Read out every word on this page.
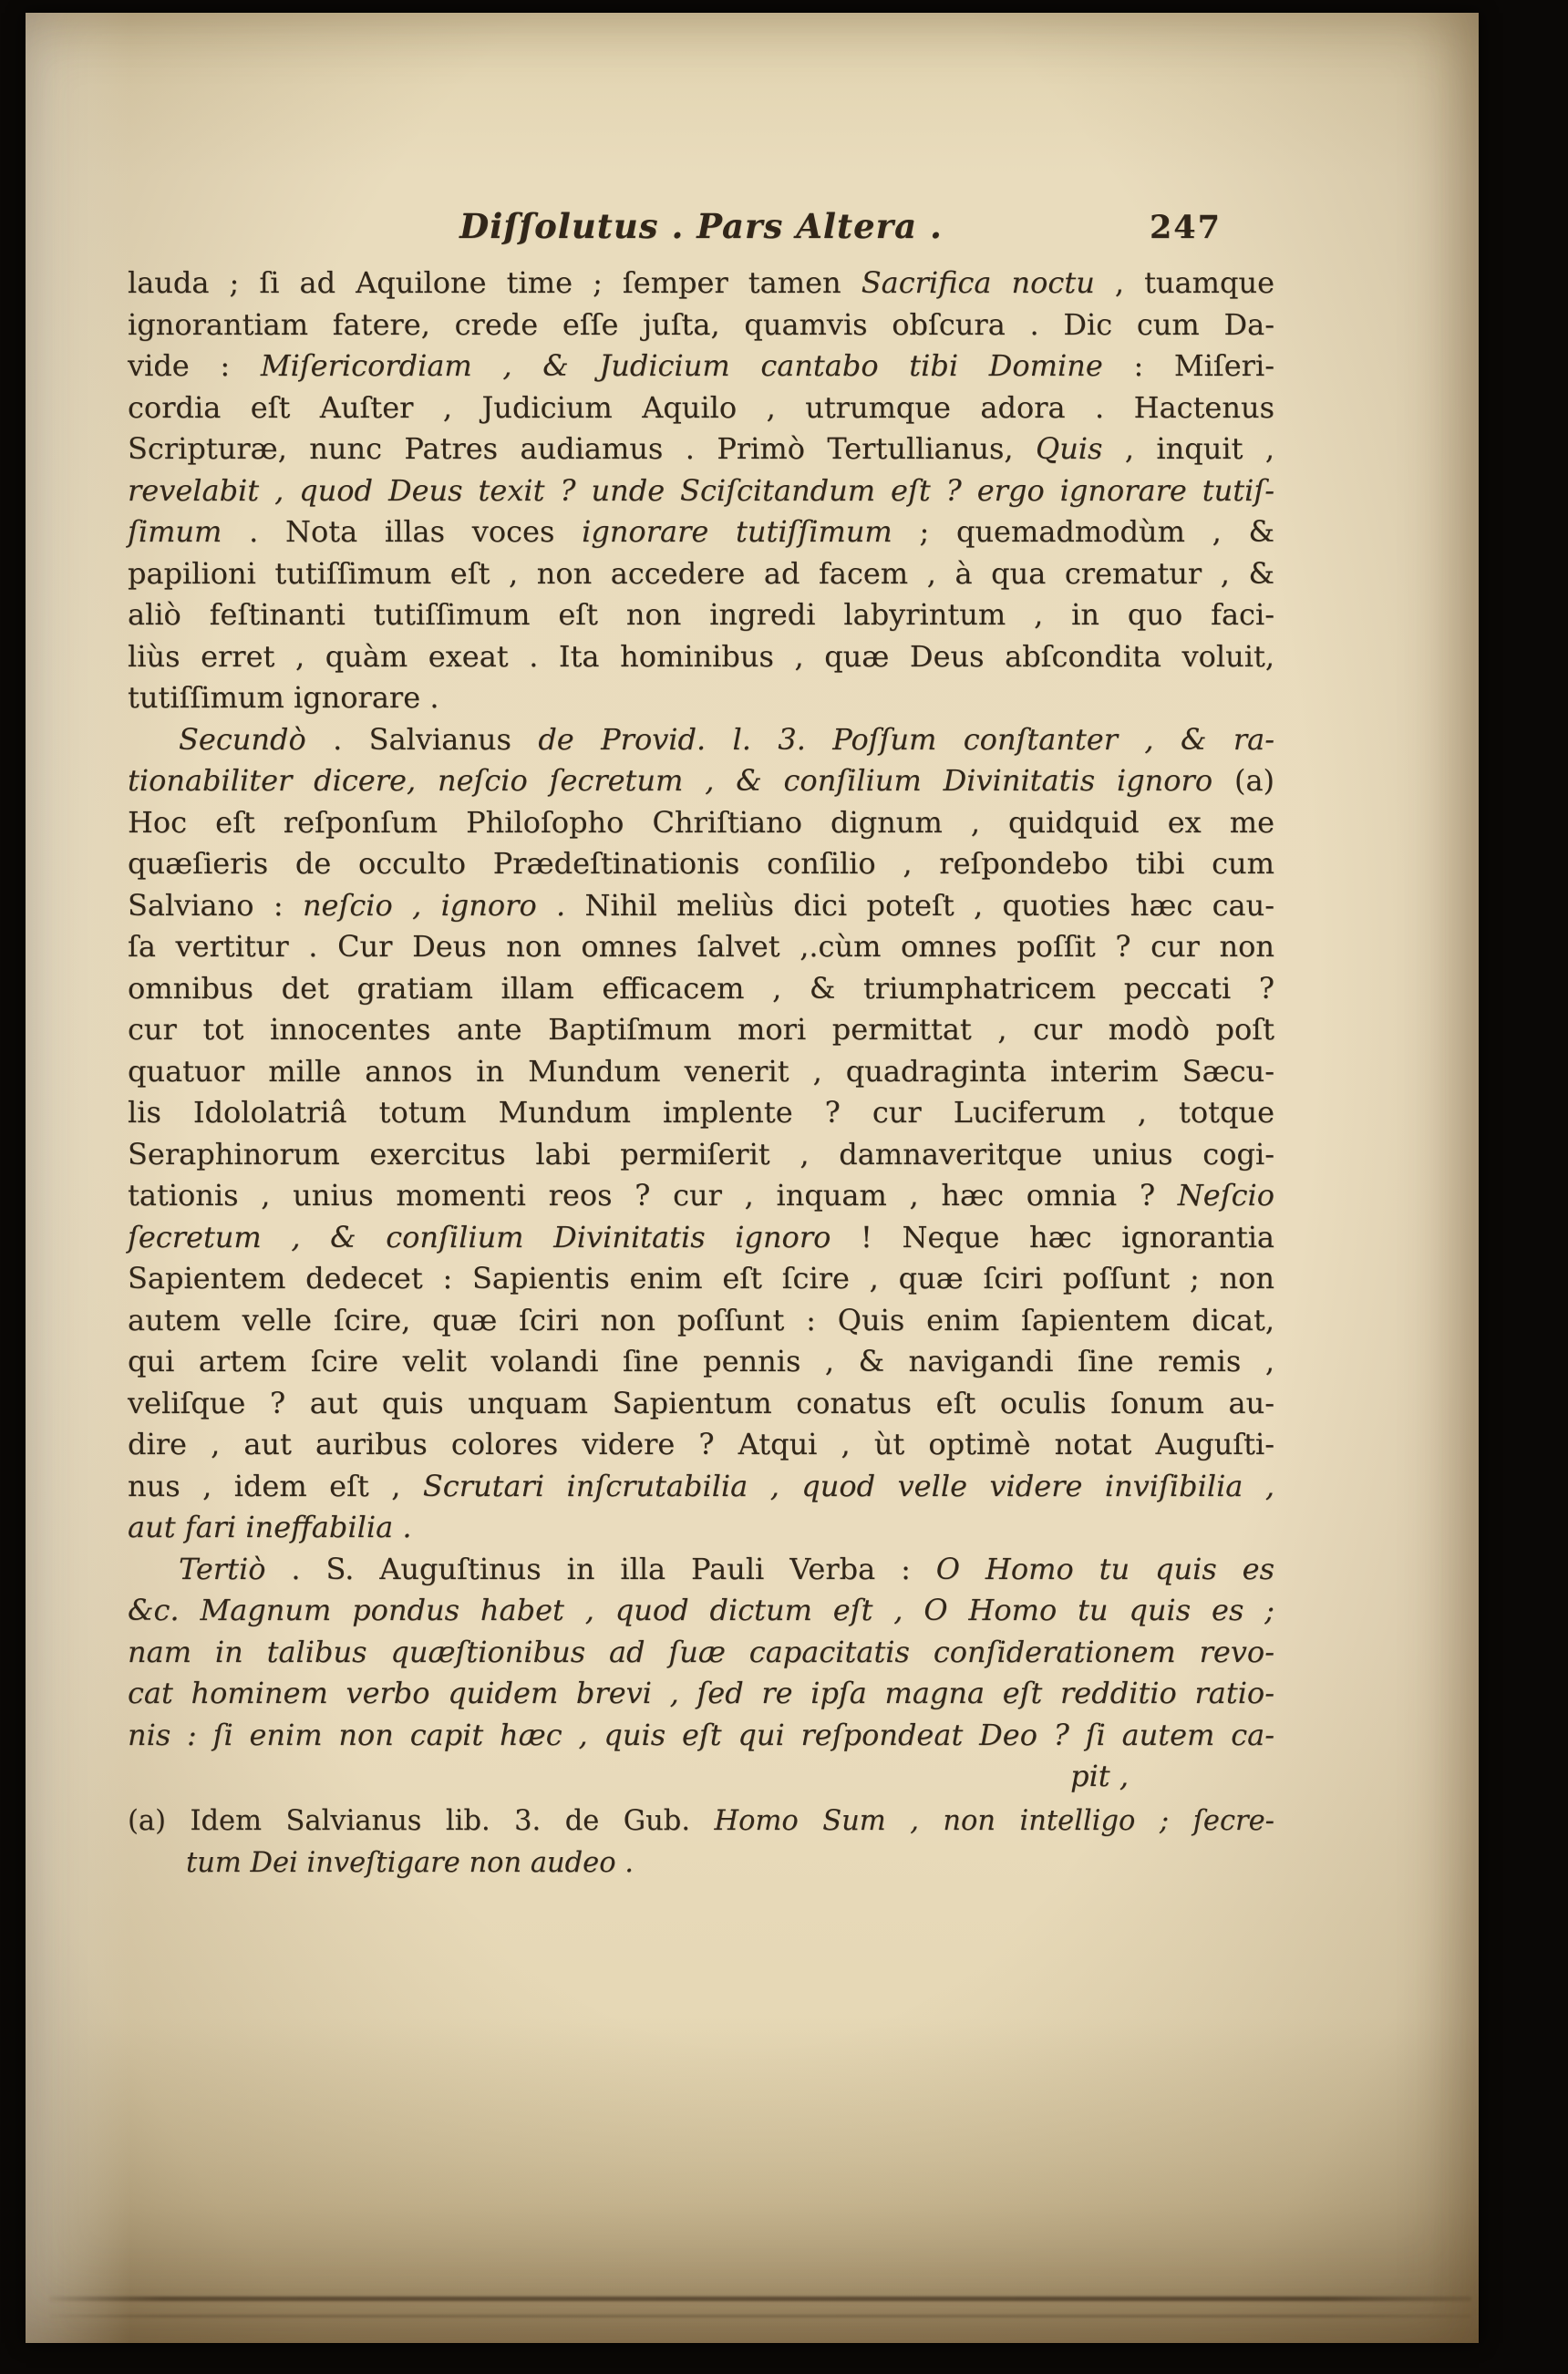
Diſſolutus . Pars Altera .	247
lauda ; ſi ad Aquilone time ; ſemper tamen Sacrifica noctu , tuamque
ignorantiam fatere, crede eſſe juſta, quamvis obſcura . Dic cum Da-
vide : Miſericordiam , & Judicium cantabo tibi Domine : Miſeri-
cordia eſt Auſter , Judicium Aquilo , utrumque adora . Hactenus
Scripturæ, nunc Patres audiamus . Primò Tertullianus, Quis , inquit ,
revelabit , quod Deus texit ? unde Sciſcitandum eſt ? ergo ignorare tutiſ-
ſimum . Nota illas voces ignorare tutiſſimum ; quemadmodùm , &
papilioni tutiſſimum eſt , non accedere ad facem , à qua crematur , &
aliò feſtinanti tutiſſimum eſt non ingredi labyrintum , in quo faci-
liùs erret , quàm exeat . Ita hominibus , quæ Deus abſcondita voluit,
tutiſſimum ignorare .
Secundò . Salvianus de Provid. l. 3. Poſſum conſtanter , & ra-
tionabiliter dicere, neſcio ſecretum , & conſilium Divinitatis ignoro (a)
Hoc eſt reſponſum Philoſopho Chriſtiano dignum , quidquid ex me
quæſieris de occulto Prædeſtinationis conſilio , reſpondebo tibi cum
Salviano : neſcio , ignoro . Nihil meliùs dici poteſt , quoties hæc cau-
ſa vertitur . Cur Deus non omnes ſalvet ,.cùm omnes poſſit ? cur non
omnibus det gratiam illam efficacem , & triumphatricem peccati ?
cur tot innocentes ante Baptiſmum mori permittat , cur modò poſt
quatuor mille annos in Mundum venerit , quadraginta interim Sæcu-
lis Idololatriâ totum Mundum implente ? cur Luciferum , totque
Seraphinorum exercitus labi permiſerit , damnaveritque unius cogi-
tationis , unius momenti reos ? cur , inquam , hæc omnia ? Neſcio
ſecretum , & conſilium Divinitatis ignoro ! Neque hæc ignorantia
Sapientem dedecet : Sapientis enim eſt ſcire , quæ ſciri poſſunt ; non
autem velle ſcire, quæ ſciri non poſſunt : Quis enim ſapientem dicat,
qui artem ſcire velit volandi ſine pennis , & navigandi ſine remis ,
veliſque ? aut quis unquam Sapientum conatus eſt oculis ſonum au-
dire , aut auribus colores videre ? Atqui , ùt optimè notat Auguſti-
nus , idem eſt , Scrutari inſcrutabilia , quod velle videre inviſibilia ,
aut fari ineffabilia .
Tertiò . S. Auguſtinus in illa Pauli Verba : O Homo tu quis es
&c. Magnum pondus habet , quod dictum eſt , O Homo tu quis es ;
nam in talibus quæſtionibus ad ſuæ capacitatis conſiderationem revo-
cat hominem verbo quidem brevi , ſed re ipſa magna eſt redditio ratio-
nis : ſi enim non capit hæc , quis eſt qui reſpondeat Deo ? ſi autem ca-
pit ,
(a) Idem Salvianus lib. 3. de Gub. Homo Sum , non intelligo ; ſecre-
tum Dei inveſtigare non audeo .
